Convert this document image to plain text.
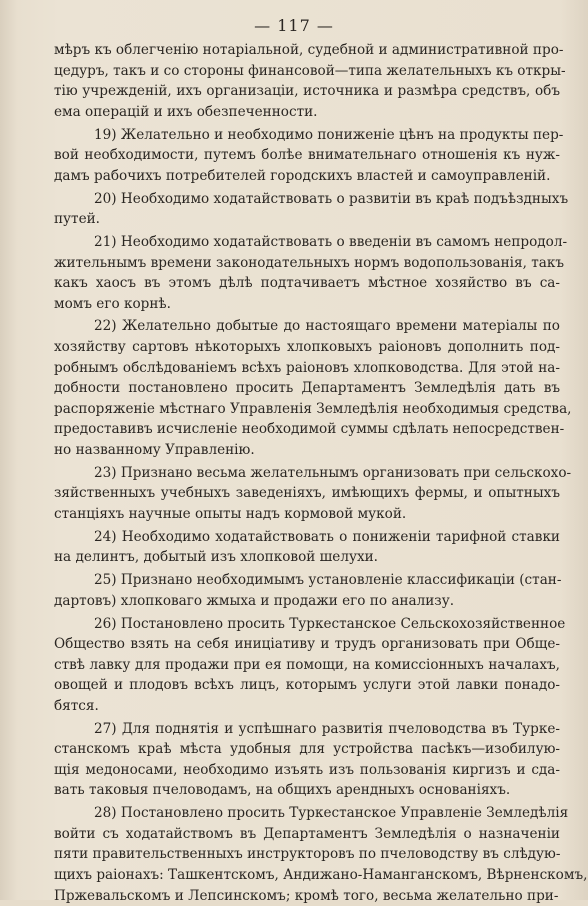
— 117 —
мѣръ къ облегченію нотаріальной, судебной и административной про-
цедуръ, такъ и со стороны финансовой—типа желательныхъ къ откры-
тію учрежденій, ихъ организаціи, источника и размѣра средствъ, объ
ема операцій и ихъ обезпеченности.
19) Желательно и необходимо пониженіе цѣнъ на продукты пер-
вой необходимости, путемъ болѣе внимательнаго отношенія къ нуж-
дамъ рабочихъ потребителей городскихъ властей и самоуправленій.
20) Необходимо ходатайствовать о развитіи въ краѣ подъѣздныхъ
путей.
21) Необходимо ходатайствовать о введеніи въ самомъ непродол-
жительнымъ времени законодательныхъ нормъ водопользованія, такъ
какъ хаосъ въ этомъ дѣлѣ подтачиваетъ мѣстное хозяйство въ са-
момъ его корнѣ.
22) Желательно добытые до настоящаго времени матеріалы по
хозяйству сартовъ нѣкоторыхъ хлопковыхъ раіоновъ дополнить под-
робнымъ обслѣдованіемъ всѣхъ раіоновъ хлопководства. Для этой на-
добности постановлено просить Департаментъ Земледѣлія дать въ
распоряженіе мѣстнаго Управленія Земледѣлія необходимыя средства,
предоставивъ исчисленіе необходимой суммы сдѣлать непосредствен-
но названному Управленію.
23) Признано весьма желательнымъ организовать при сельскохо-
зяйственныхъ учебныхъ заведеніяхъ, имѣющихъ фермы, и опытныхъ
станціяхъ научные опыты надъ кормовой мукой.
24) Необходимо ходатайствовать о пониженіи тарифной ставки
на делинтъ, добытый изъ хлопковой шелухи.
25) Признано необходимымъ установленіе классификаціи (стан-
дартовъ) хлопковаго жмыха и продажи его по анализу.
26) Постановлено просить Туркестанское Сельскохозяйственное
Общество взять на себя иниціативу и трудъ организовать при Обще-
ствѣ лавку для продажи при ея помощи, на комиссіонныхъ началахъ,
овощей и плодовъ всѣхъ лицъ, которымъ услуги этой лавки понадо-
бятся.
27) Для поднятія и успѣшнаго развитія пчеловодства въ Турке-
станскомъ краѣ мѣста удобныя для устройства пасѣкъ—изобилую-
щія медоносами, необходимо изъять изъ пользованія киргизъ и сда-
вать таковыя пчеловодамъ, на общихъ арендныхъ основаніяхъ.
28) Постановлено просить Туркестанское Управленіе Земледѣлія
войти съ ходатайствомъ въ Департаментъ Земледѣлія о назначеніи
пяти правительственныхъ инструкторовъ по пчеловодству въ слѣдую-
щихъ раіонахъ: Ташкентскомъ, Андижано-Наманганскомъ, Вѣрненскомъ,
Пржевальскомъ и Лепсинскомъ; кромѣ того, весьма желательно при-
